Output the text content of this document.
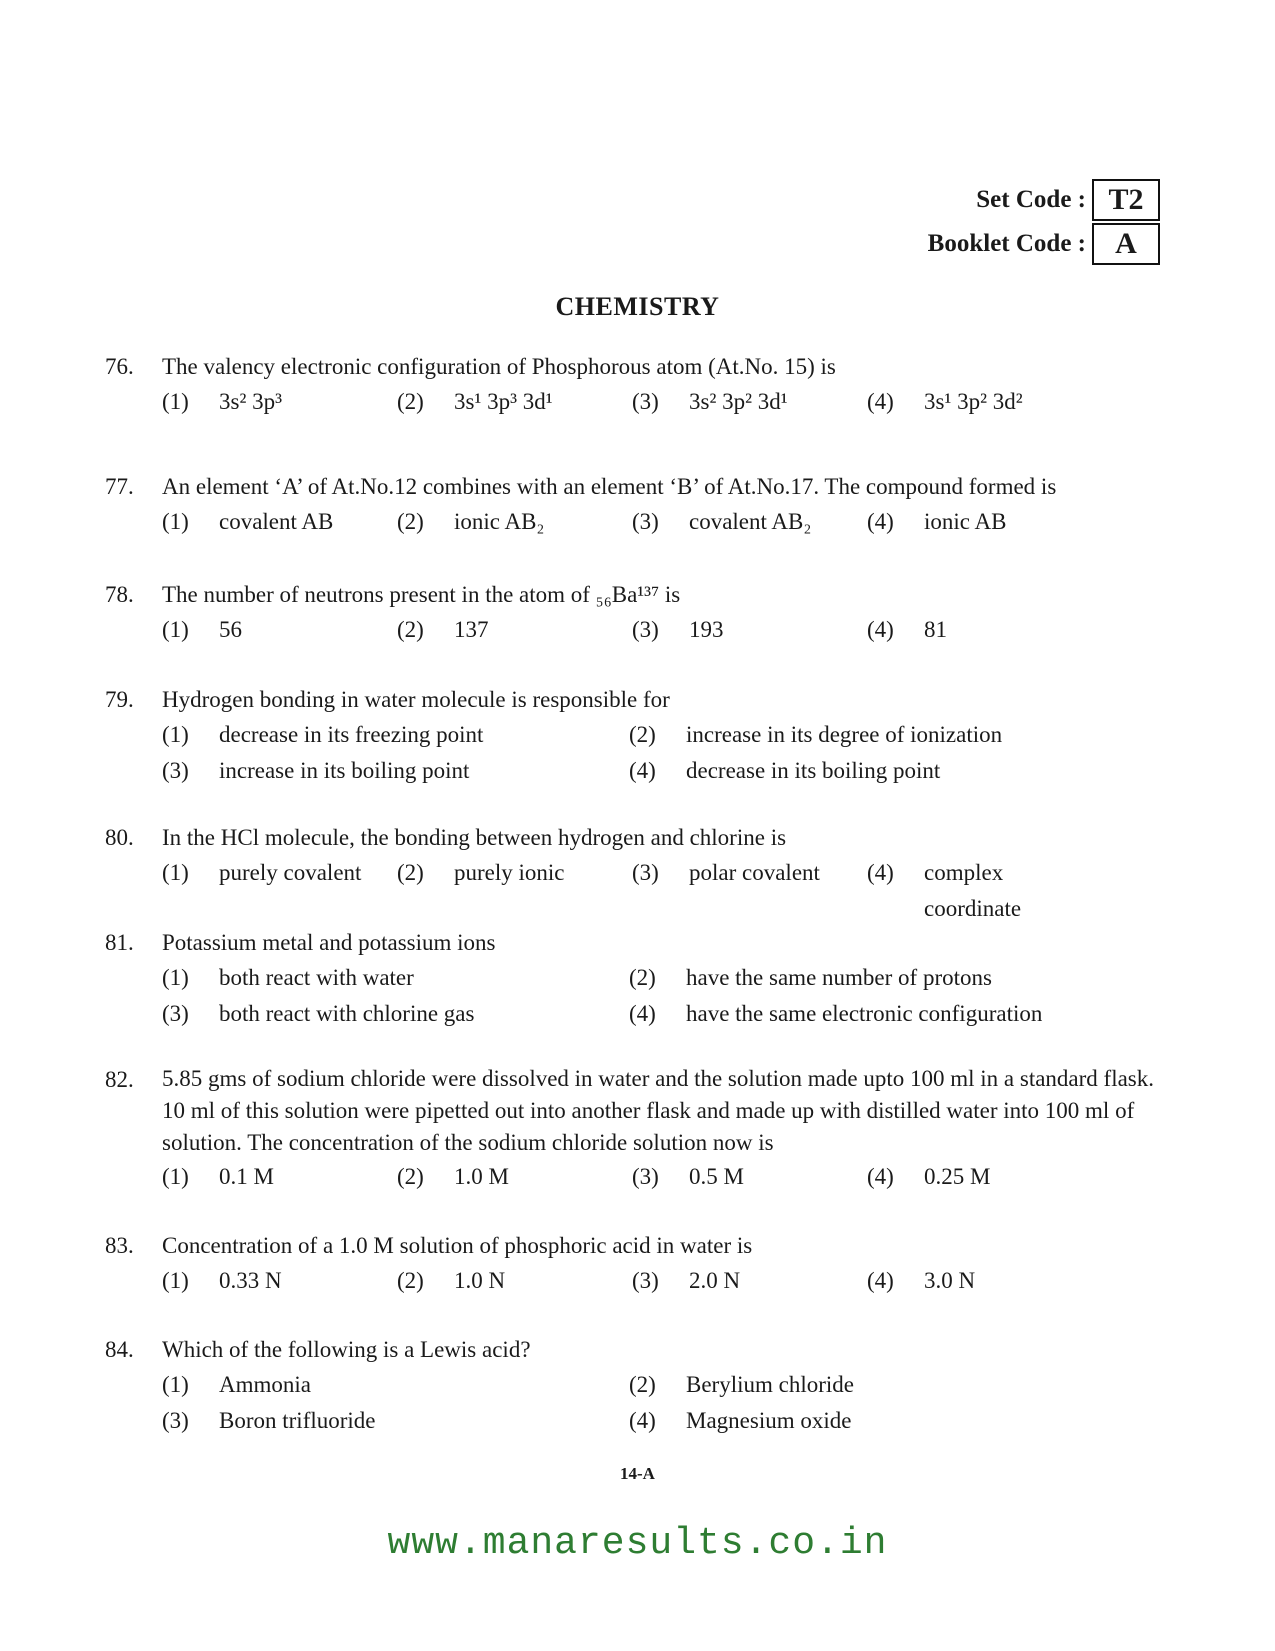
Set Code : T2
Booklet Code : A
CHEMISTRY
76.	The valency electronic configuration of Phosphorous atom (At.No. 15) is
(1)	3s² 3p³	(2)	3s¹ 3p³ 3d¹	(3)	3s² 3p² 3d¹	(4)	3s¹ 3p² 3d²
77.	An element ‘A’ of At.No.12 combines with an element ‘B’ of At.No.17. The compound formed is
(1)	covalent AB	(2)	ionic AB₂	(3)	covalent AB₂ (4)	ionic AB
78.	The number of neutrons present in the atom of ₅₆Ba¹³⁷ is
(1)	56	(2)	137	(3)	193	(4)	81
79.	Hydrogen bonding in water molecule is responsible for
(1)	decrease in its freezing point	(2)	increase in its degree of ionization
(3)	increase in its boiling point	(4)	decrease in its boiling point
80.	In the HCl molecule, the bonding between hydrogen and chlorine is
(1)	purely covalent (2)	purely ionic	(3)	polar covalent (4)	complex coordinate
81.	Potassium metal and potassium ions
(1)	both react with water	(2)	have the same number of protons
(3)	both react with chlorine gas	(4)	have the same electronic configuration
82.	5.85 gms of sodium chloride were dissolved in water and the solution made upto 100 ml in a standard flask. 10 ml of this solution were pipetted out into another flask and made up with distilled water into 100 ml of solution. The concentration of the sodium chloride solution now is
(1)	0.1 M	(2)	1.0 M	(3)	0.5 M	(4)	0.25 M
83.	Concentration of a 1.0 M solution of phosphoric acid in water is
(1)	0.33 N	(2)	1.0 N	(3)	2.0 N	(4)	3.0 N
84.	Which of the following is a Lewis acid?
(1)	Ammonia	(2)	Berylium chloride
(3)	Boron trifluoride	(4)	Magnesium oxide
14-A
www.manaresults.co.in
